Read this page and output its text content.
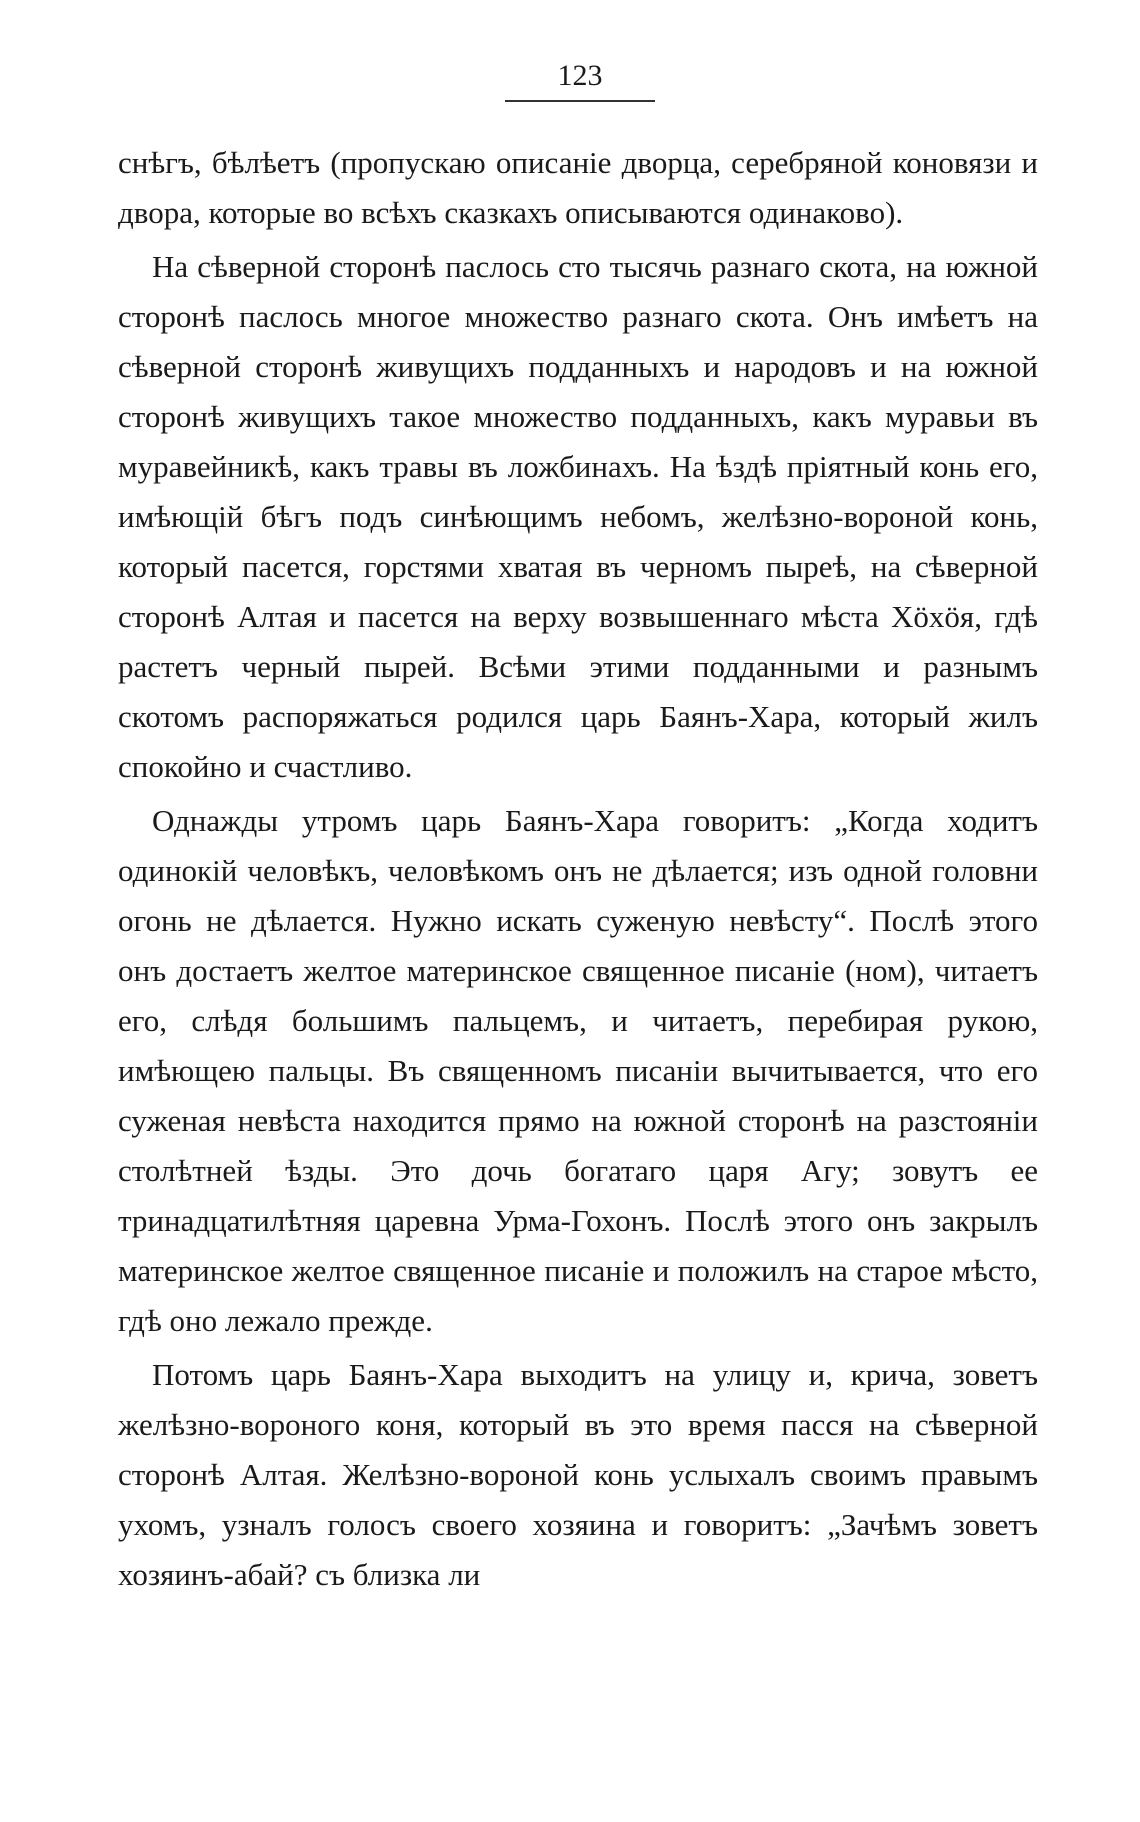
123

снѣгъ, бѣлѣетъ (пропускаю описаніе дворца, серебряной коновязи и двора, которые во всѣхъ сказкахъ описываются одинаково).

На сѣверной сторонѣ паслось сто тысячь разнаго скота, на южной сторонѣ паслось многое множество разнаго скота. Онъ имѣетъ на сѣверной сторонѣ живущихъ подданныхъ и народовъ и на южной сторонѣ живущихъ такое множество подданныхъ, какъ муравьи въ муравейникѣ, какъ травы въ ложбинахъ. На ѣздѣ пріятный конь его, имѣющій бѣгъ подъ синѣющимъ небомъ, желѣзно-вороной конь, который пасется, горстями хватая въ черномъ пыреѣ, на сѣверной сторонѣ Алтая и пасется на верху возвышеннаго мѣста Хöхöя, гдѣ растетъ черный пырей. Всѣми этими подданными и разнымъ скотомъ распоряжаться родился царь Баянъ-Хара, который жилъ спокойно и счастливо.

Однажды утромъ царь Баянъ-Хара говоритъ: „Когда ходитъ одинокій человѣкъ, человѣкомъ онъ не дѣлается; изъ одной головни огонь не дѣлается. Нужно искать суженую невѣсту“. Послѣ этого онъ достаетъ желтое материнское священное писаніе (ном), читаетъ его, слѣдя большимъ пальцемъ, и читаетъ, перебирая рукою, имѣющею пальцы. Въ священномъ писаніи вычитывается, что его суженая невѣста находится прямо на южной сторонѣ на разстояніи столѣтней ѣзды. Это дочь богатаго царя Агу; зовутъ ее тринадцатилѣтняя царевна Урма-Гохонъ. Послѣ этого онъ закрылъ материнское желтое священное писаніе и положилъ на старое мѣсто, гдѣ оно лежало прежде.

Потомъ царь Баянъ-Хара выходитъ на улицу и, крича, зоветъ желѣзно-вороного коня, который въ это время пасся на сѣверной сторонѣ Алтая. Желѣзно-вороной конь услыхалъ своимъ правымъ ухомъ, узналъ голосъ своего хозяина и говоритъ: „Зачѣмъ зоветъ хозяинъ-абай? съ близка ли
